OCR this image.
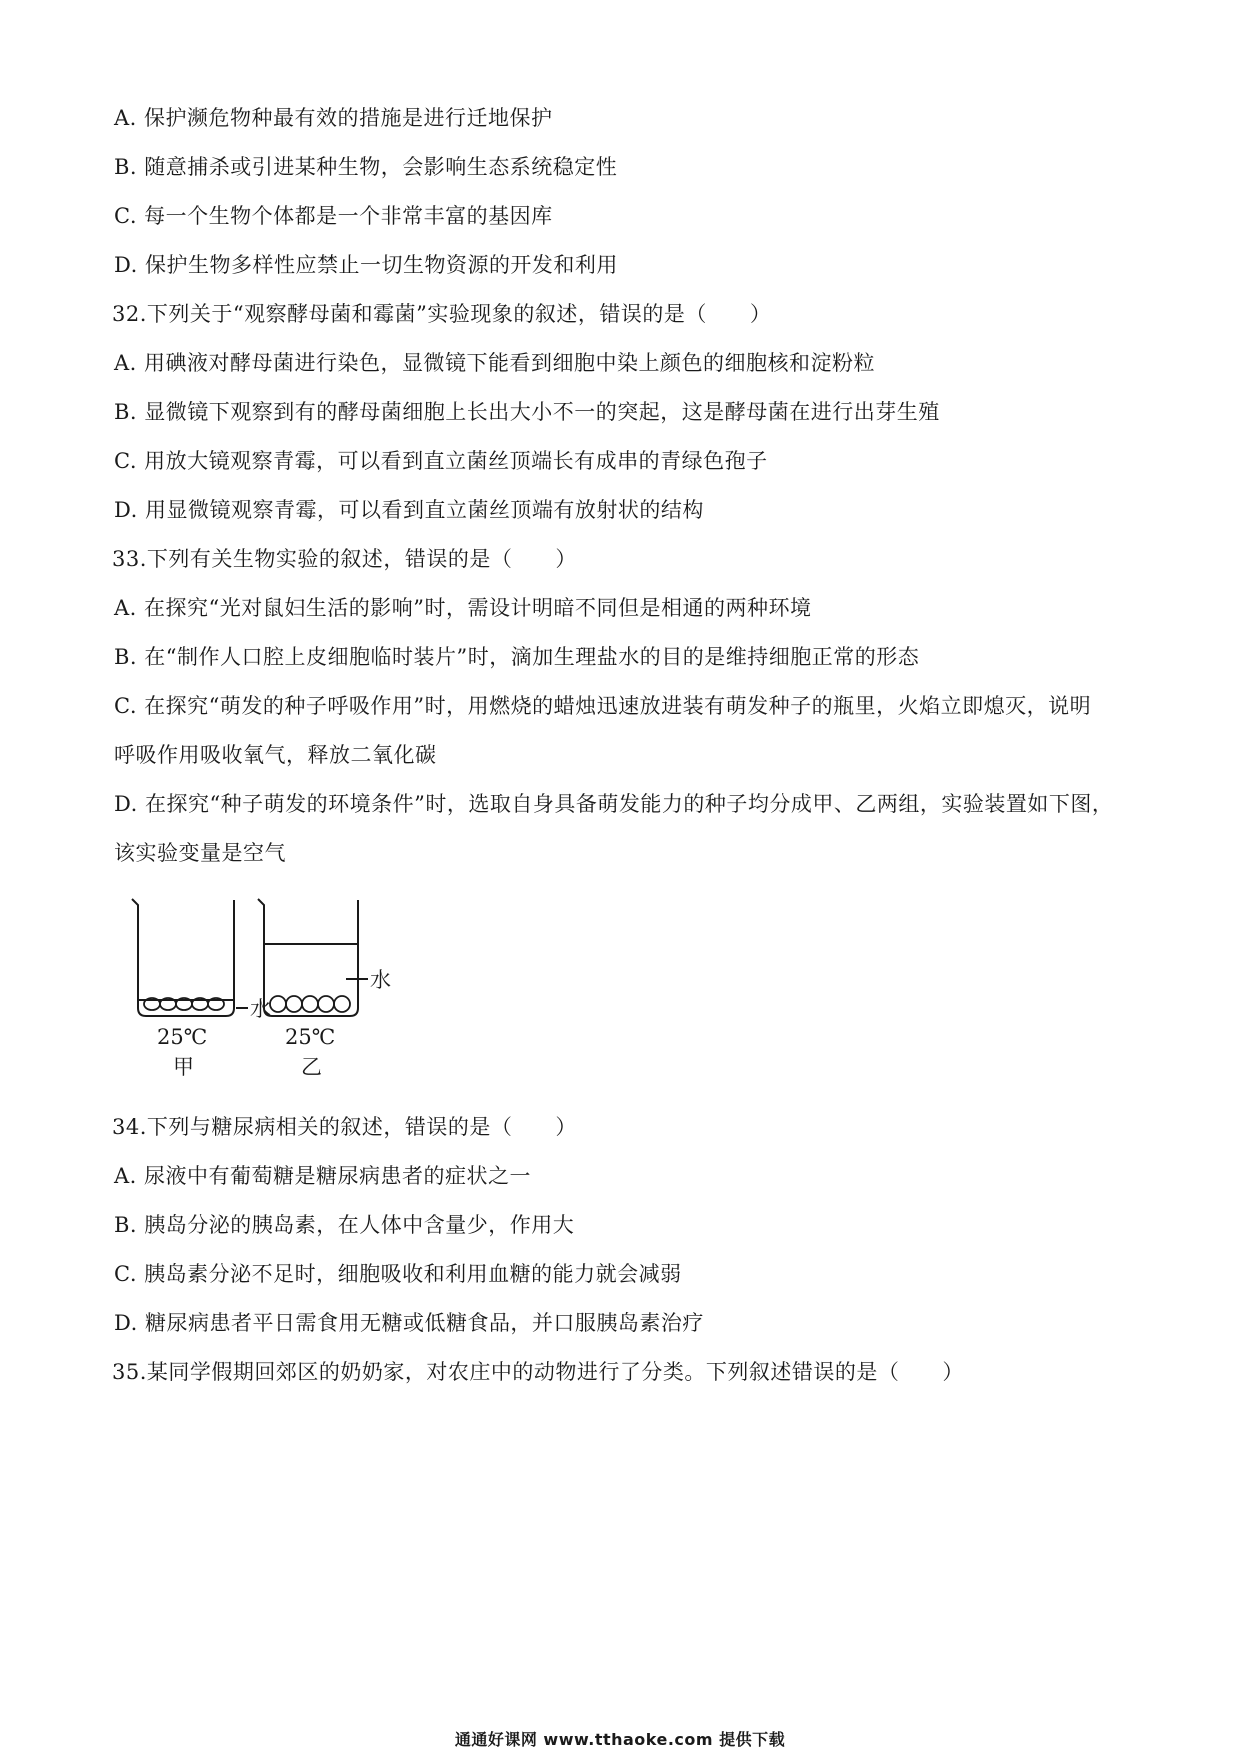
A. 保护濒危物种最有效的措施是进行迁地保护
B. 随意捕杀或引进某种生物，会影响生态系统稳定性
C. 每一个生物个体都是一个非常丰富的基因库
D. 保护生物多样性应禁止一切生物资源的开发和利用
32.下列关于“观察酵母菌和霉菌”实验现象的叙述，错误的是（　　）
A. 用碘液对酵母菌进行染色，显微镜下能看到细胞中染上颜色的细胞核和淀粉粒
B. 显微镜下观察到有的酵母菌细胞上长出大小不一的突起，这是酵母菌在进行出芽生殖
C. 用放大镜观察青霉，可以看到直立菌丝顶端长有成串的青绿色孢子
D. 用显微镜观察青霉，可以看到直立菌丝顶端有放射状的结构
33.下列有关生物实验的叙述，错误的是（　　）
A. 在探究“光对鼠妇生活的影响”时，需设计明暗不同但是相通的两种环境
B. 在“制作人口腔上皮细胞临时装片”时，滴加生理盐水的目的是维持细胞正常的形态
C. 在探究“萌发的种子呼吸作用”时，用燃烧的蜡烛迅速放进装有萌发种子的瓶里，火焰立即熄灭，说明
呼吸作用吸收氧气，释放二氧化碳
D. 在探究“种子萌发的环境条件”时，选取自身具备萌发能力的种子均分成甲、乙两组，实验装置如下图，
该实验变量是空气
水
25℃
甲
水
25℃
乙
34.下列与糖尿病相关的叙述，错误的是（　　）
A. 尿液中有葡萄糖是糖尿病患者的症状之一
B. 胰岛分泌的胰岛素，在人体中含量少，作用大
C. 胰岛素分泌不足时，细胞吸收和利用血糖的能力就会减弱
D. 糖尿病患者平日需食用无糖或低糖食品，并口服胰岛素治疗
35.某同学假期回郊区的奶奶家，对农庄中的动物进行了分类。下列叙述错误的是（　　）
通通好课网 www.tthaoke.com 提供下载
